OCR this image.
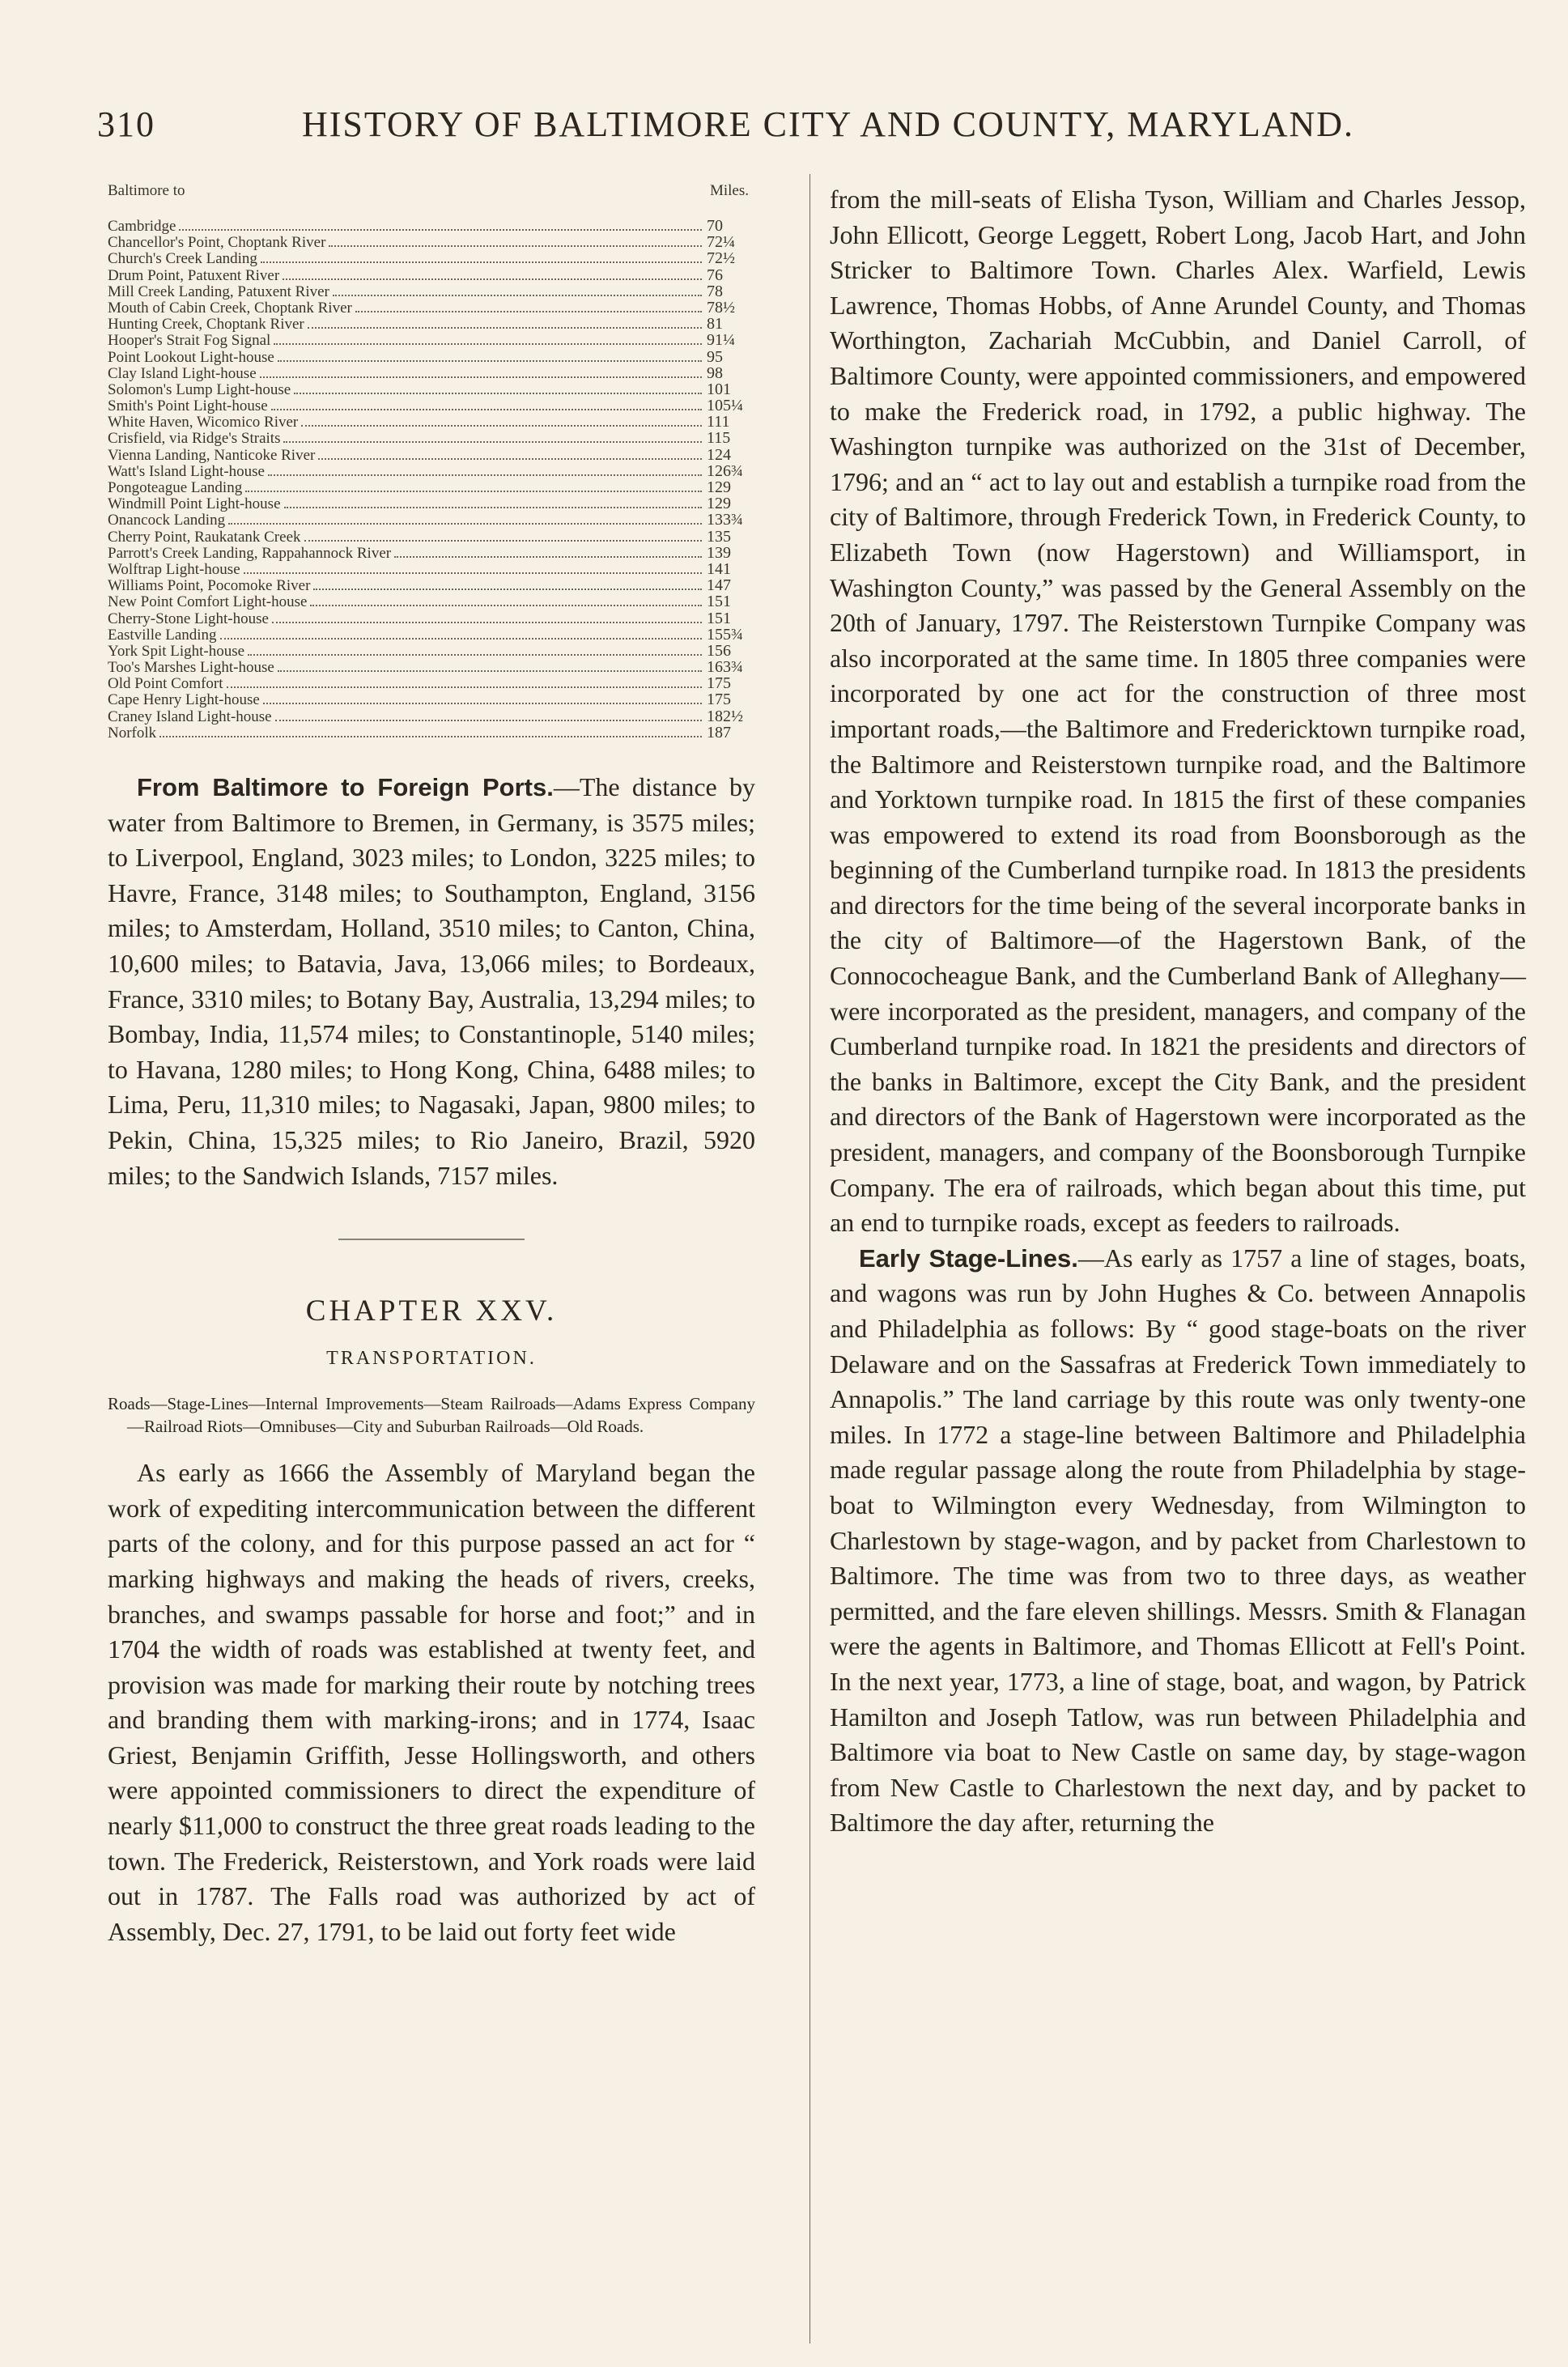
310	HISTORY OF BALTIMORE CITY AND COUNTY, MARYLAND.
Baltimore to	Miles.
Cambridge	70
Chancellor's Point, Choptank River	72¼
Church's Creek Landing	72½
Drum Point, Patuxent River	76
Mill Creek Landing, Patuxent River	78
Mouth of Cabin Creek, Choptank River	78½
Hunting Creek, Choptank River	81
Hooper's Strait Fog Signal	91¼
Point Lookout Light-house	95
Clay Island Light-house	98
Solomon's Lump Light-house	101
Smith's Point Light-house	105¼
White Haven, Wicomico River	111
Crisfield, via Ridge's Straits	115
Vienna Landing, Nanticoke River	124
Watt's Island Light-house	126¾
Pongoteague Landing	129
Windmill Point Light-house	129
Onancock Landing	133¾
Cherry Point, Raukatank Creek	135
Parrott's Creek Landing, Rappahannock River	139
Wolftrap Light-house	141
Williams Point, Pocomoke River	147
New Point Comfort Light-house	151
Cherry-Stone Light-house	151
Eastville Landing	155¾
York Spit Light-house	156
Too's Marshes Light-house	163¾
Old Point Comfort	175
Cape Henry Light-house	175
Craney Island Light-house	182½
Norfolk	187

From Baltimore to Foreign Ports.—The distance by water from Baltimore to Bremen, in Germany, is 3575 miles; to Liverpool, England, 3023 miles; to London, 3225 miles; to Havre, France, 3148 miles; to Southampton, England, 3156 miles; to Amsterdam, Holland, 3510 miles; to Canton, China, 10,600 miles; to Batavia, Java, 13,066 miles; to Bordeaux, France, 3310 miles; to Botany Bay, Australia, 13,294 miles; to Bombay, India, 11,574 miles; to Constantinople, 5140 miles; to Havana, 1280 miles; to Hong Kong, China, 6488 miles; to Lima, Peru, 11,310 miles; to Nagasaki, Japan, 9800 miles; to Pekin, China, 15,325 miles; to Rio Janeiro, Brazil, 5920 miles; to the Sandwich Islands, 7157 miles.

CHAPTER XXV.
TRANSPORTATION.
Roads—Stage-Lines—Internal Improvements—Steam Railroads—Adams Express Company—Railroad Riots—Omnibuses—City and Suburban Railroads—Old Roads.

As early as 1666 the Assembly of Maryland began the work of expediting intercommunication between the different parts of the colony, and for this purpose passed an act for “ marking highways and making the heads of rivers, creeks, branches, and swamps passable for horse and foot;” and in 1704 the width of roads was established at twenty feet, and provision was made for marking their route by notching trees and branding them with marking-irons; and in 1774, Isaac Griest, Benjamin Griffith, Jesse Hollingsworth, and others were appointed commissioners to direct the expenditure of nearly $11,000 to construct the three great roads leading to the town. The Frederick, Reisterstown, and York roads were laid out in 1787. The Falls road was authorized by act of Assembly, Dec. 27, 1791, to be laid out forty feet wide

from the mill-seats of Elisha Tyson, William and Charles Jessop, John Ellicott, George Leggett, Robert Long, Jacob Hart, and John Stricker to Baltimore Town. Charles Alex. Warfield, Lewis Lawrence, Thomas Hobbs, of Anne Arundel County, and Thomas Worthington, Zachariah McCubbin, and Daniel Carroll, of Baltimore County, were appointed commissioners, and empowered to make the Frederick road, in 1792, a public highway. The Washington turnpike was authorized on the 31st of December, 1796; and an “ act to lay out and establish a turnpike road from the city of Baltimore, through Frederick Town, in Frederick County, to Elizabeth Town (now Hagerstown) and Williamsport, in Washington County,” was passed by the General Assembly on the 20th of January, 1797. The Reisterstown Turnpike Company was also incorporated at the same time. In 1805 three companies were incorporated by one act for the construction of three most important roads,—the Baltimore and Fredericktown turnpike road, the Baltimore and Reisterstown turnpike road, and the Baltimore and Yorktown turnpike road. In 1815 the first of these companies was empowered to extend its road from Boonsborough as the beginning of the Cumberland turnpike road. In 1813 the presidents and directors for the time being of the several incorporate banks in the city of Baltimore—of the Hagerstown Bank, of the Connococheague Bank, and the Cumberland Bank of Alleghany—were incorporated as the president, managers, and company of the Cumberland turnpike road. In 1821 the presidents and directors of the banks in Baltimore, except the City Bank, and the president and directors of the Bank of Hagerstown were incorporated as the president, managers, and company of the Boonsborough Turnpike Company. The era of railroads, which began about this time, put an end to turnpike roads, except as feeders to railroads.

Early Stage-Lines.—As early as 1757 a line of stages, boats, and wagons was run by John Hughes & Co. between Annapolis and Philadelphia as follows: By “ good stage-boats on the river Delaware and on the Sassafras at Frederick Town immediately to Annapolis.” The land carriage by this route was only twenty-one miles. In 1772 a stage-line between Baltimore and Philadelphia made regular passage along the route from Philadelphia by stage-boat to Wilmington every Wednesday, from Wilmington to Charlestown by stage-wagon, and by packet from Charlestown to Baltimore. The time was from two to three days, as weather permitted, and the fare eleven shillings. Messrs. Smith & Flanagan were the agents in Baltimore, and Thomas Ellicott at Fell's Point. In the next year, 1773, a line of stage, boat, and wagon, by Patrick Hamilton and Joseph Tatlow, was run between Philadelphia and Baltimore via boat to New Castle on same day, by stage-wagon from New Castle to Charlestown the next day, and by packet to Baltimore the day after, returning the
